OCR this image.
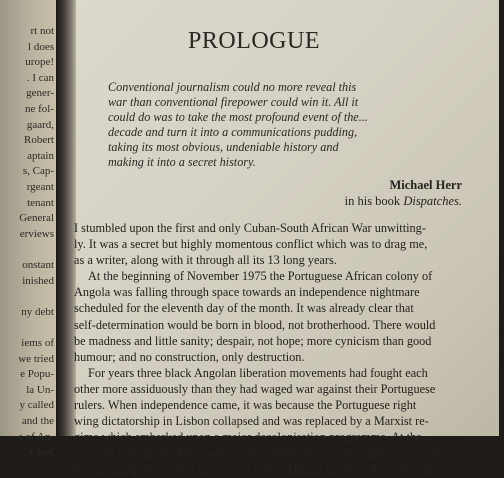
rt not
l does
urope!
. I can
gener-
ne fol-
gaard,
Robert
aptain
s, Cap-
rgeant
tenant
General
erviews
onstant
inished
ny debt
iems of
we tried
e Popu-
la Un-
y called
and the
s of An-
y leaf
PROLOGUE
Conventional journalism could no more reveal this
war than conventional firepower could win it. All it
could do was to take the most profound event of the...
decade and turn it into a communications pudding,
taking its most obvious, undeniable history and
making it into a secret history.
Michael Herr
in his book Dispatches.
I stumbled upon the first and only Cuban-South African War unwitting-
ly. It was a secret but highly momentous conflict which was to drag me,
as a writer, along with it through all its 13 long years.
At the beginning of November 1975 the Portuguese African colony of
Angola was falling through space towards an independence nightmare
scheduled for the eleventh day of the month. It was already clear that
self-determination would be born in blood, not brotherhood. There would
be madness and little sanity; despair, not hope; more cynicism than good
humour; and no construction, only destruction.
For years three black Angolan liberation movements had fought each
other more assiduously than they had waged war against their Portuguese
rulers. When independence came, it was because the Portuguese right
wing dictatorship in Lisbon collapsed and was replaced by a Marxist re-
gime which embarked upon a major decolonisation programme. At the
time the Portuguese Army was easily winning the war in Angola, although
it was losing the conflict in its other major African territory, Mozambique.
